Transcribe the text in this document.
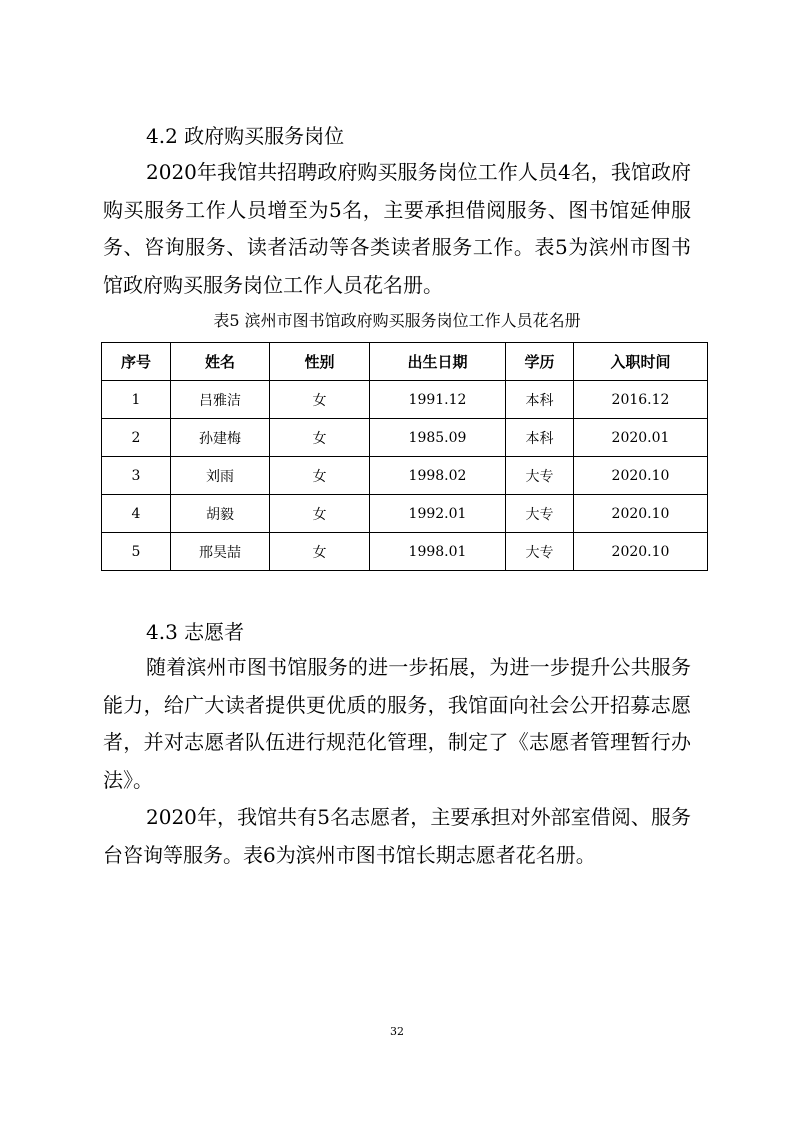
4.2 政府购买服务岗位
2020年我馆共招聘政府购买服务岗位工作人员4名，我馆政府购买服务工作人员增至为5名，主要承担借阅服务、图书馆延伸服务、咨询服务、读者活动等各类读者服务工作。表5为滨州市图书馆政府购买服务岗位工作人员花名册。
表5 滨州市图书馆政府购买服务岗位工作人员花名册
序号	姓名	性别	出生日期	学历	入职时间
1	吕雅洁	女	1991.12	本科	2016.12
2	孙建梅	女	1985.09	本科	2020.01
3	刘雨	女	1998.02	大专	2020.10
4	胡毅	女	1992.01	大专	2020.10
5	邢昊喆	女	1998.01	大专	2020.10
4.3 志愿者
随着滨州市图书馆服务的进一步拓展，为进一步提升公共服务能力，给广大读者提供更优质的服务，我馆面向社会公开招募志愿者，并对志愿者队伍进行规范化管理，制定了《志愿者管理暂行办法》。
2020年，我馆共有5名志愿者，主要承担对外部室借阅、服务台咨询等服务。表6为滨州市图书馆长期志愿者花名册。
32
